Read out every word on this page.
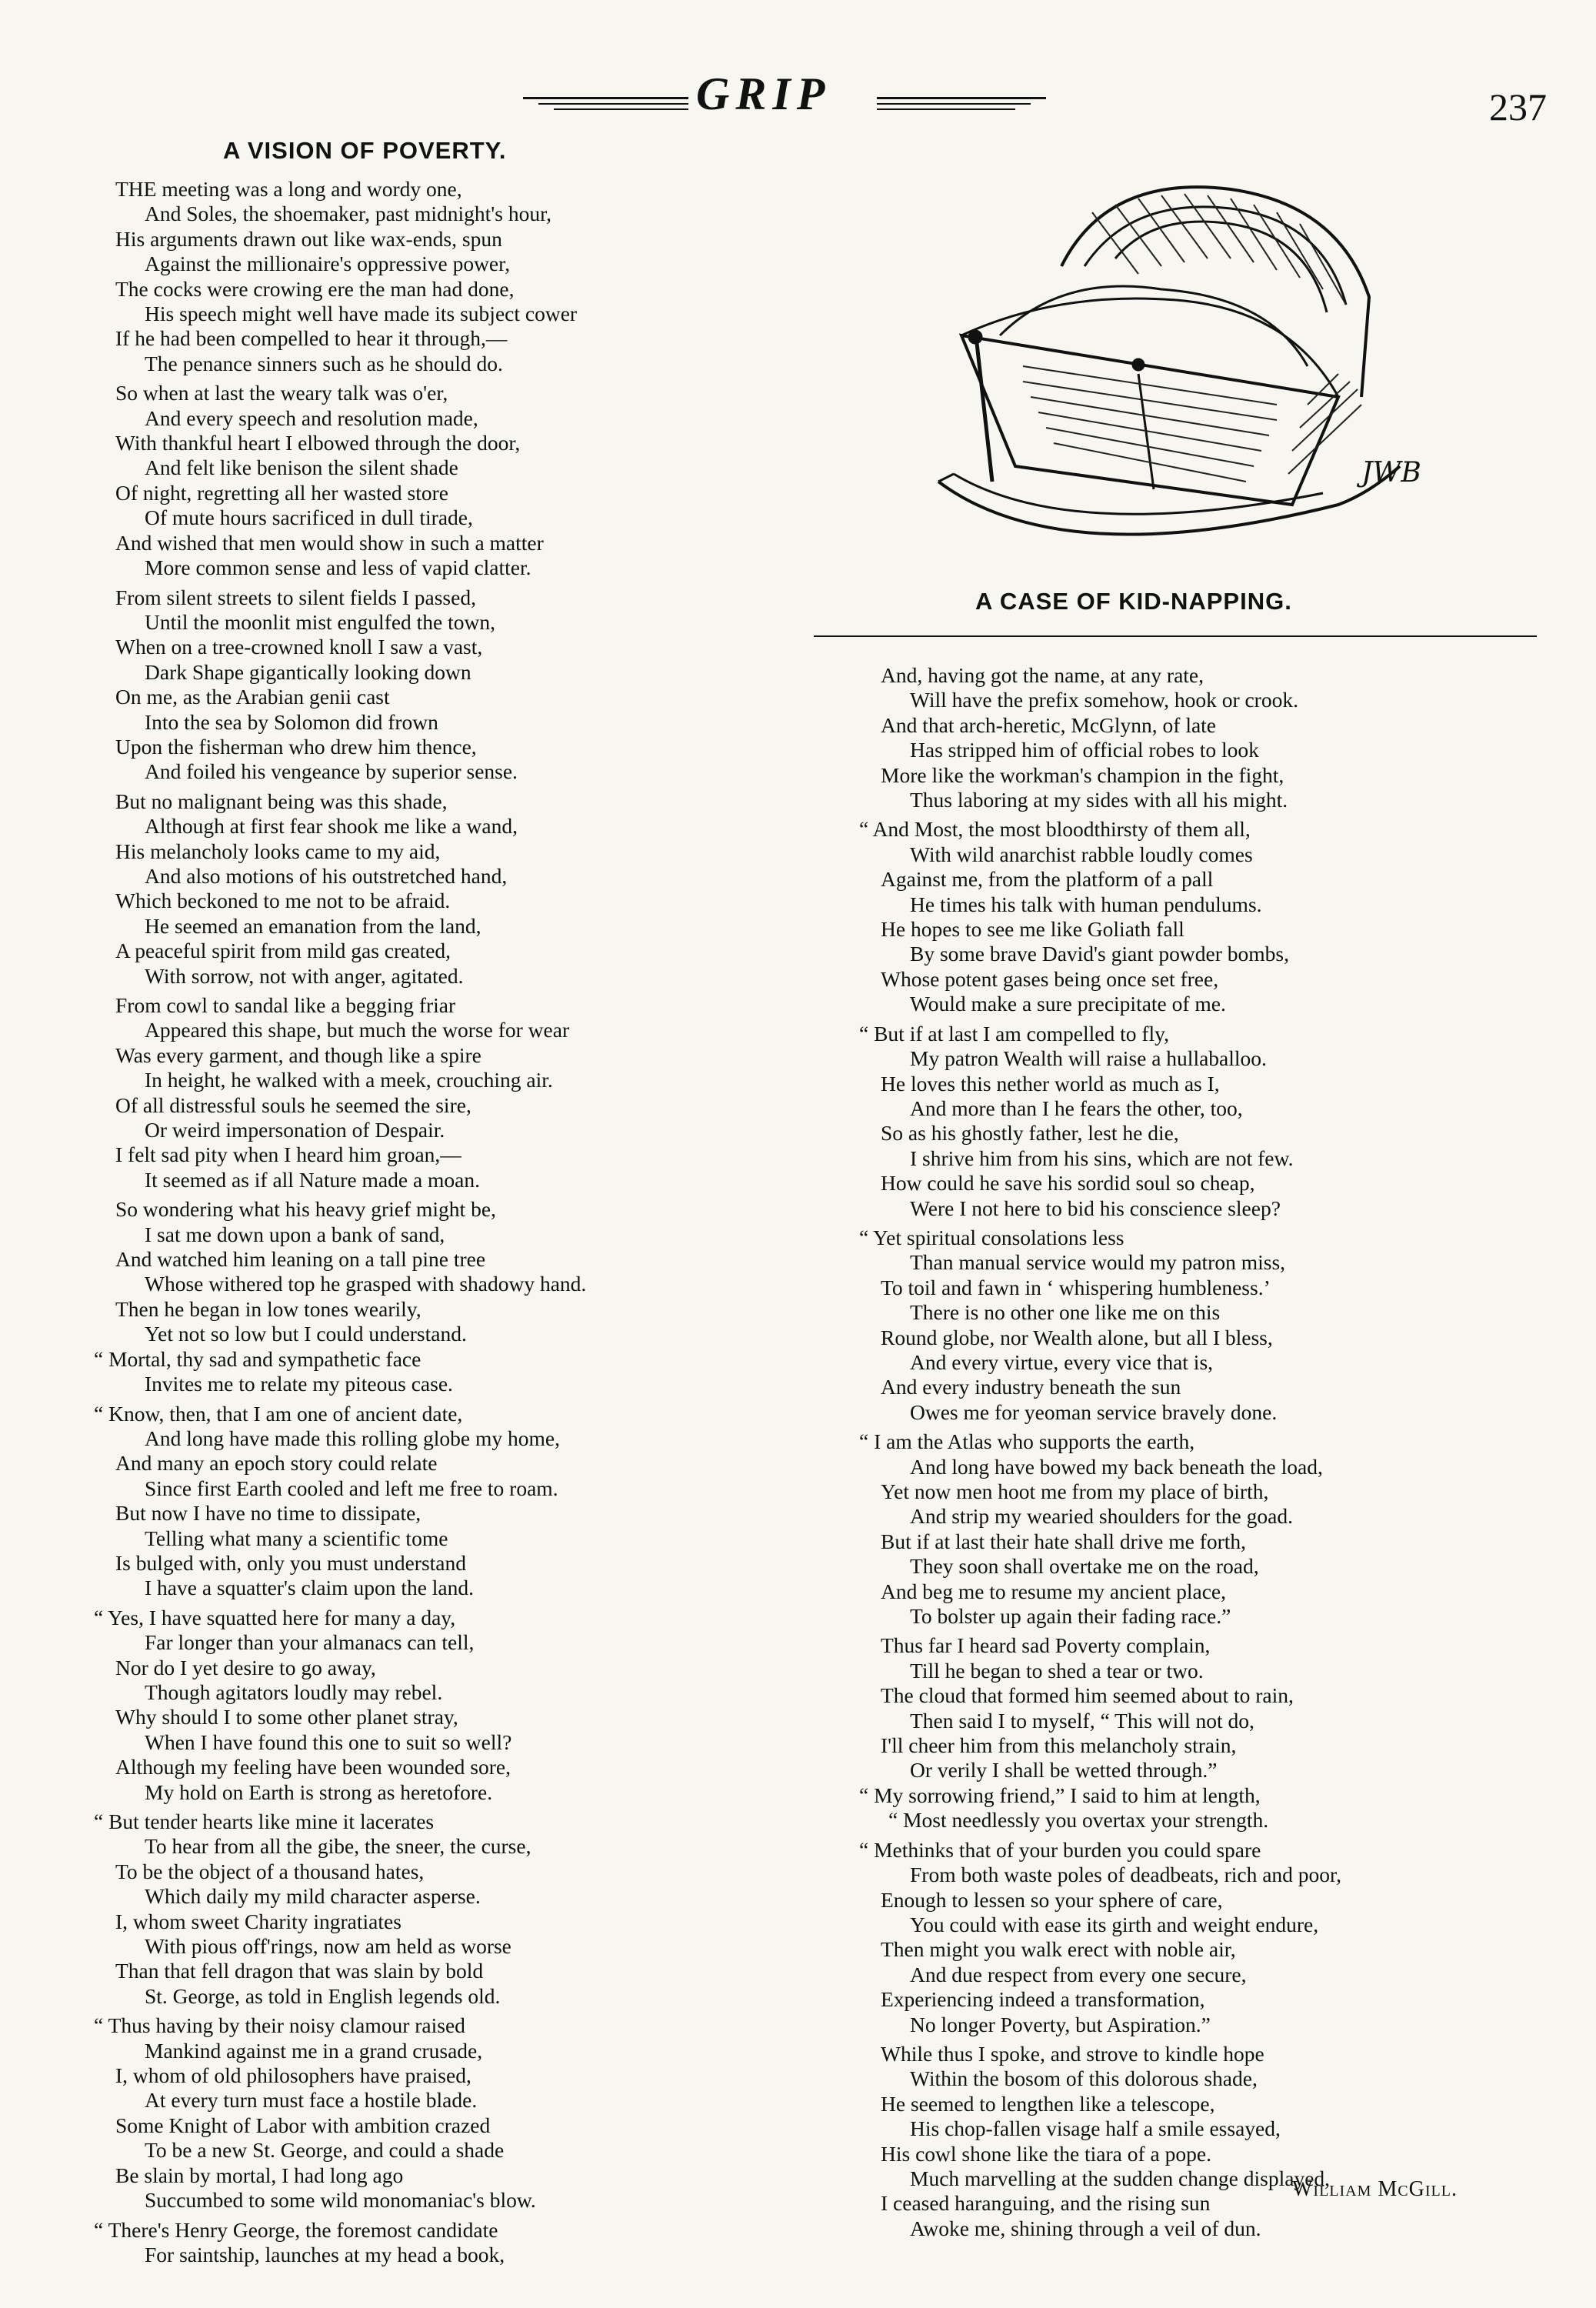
GRIP	237
A VISION OF POVERTY.
THE meeting was a long and wordy one,
And Soles, the shoemaker, past midnight's hour,
His arguments drawn out like wax-ends, spun
Against the millionaire's oppressive power,
The cocks were crowing ere the man had done,
His speech might well have made its subject cower
If he had been compelled to hear it through,—
The penance sinners such as he should do.
So when at last the weary talk was o'er,
And every speech and resolution made,
With thankful heart I elbowed through the door,
And felt like benison the silent shade
Of night, regretting all her wasted store
Of mute hours sacrificed in dull tirade,
And wished that men would show in such a matter
More common sense and less of vapid clatter.
From silent streets to silent fields I passed,
Until the moonlit mist engulfed the town,
When on a tree-crowned knoll I saw a vast,
Dark Shape gigantically looking down
On me, as the Arabian genii cast
Into the sea by Solomon did frown
Upon the fisherman who drew him thence,
And foiled his vengeance by superior sense.
But no malignant being was this shade,
Although at first fear shook me like a wand,
His melancholy looks came to my aid,
And also motions of his outstretched hand,
Which beckoned to me not to be afraid.
He seemed an emanation from the land,
A peaceful spirit from mild gas created,
With sorrow, not with anger, agitated.
From cowl to sandal like a begging friar
Appeared this shape, but much the worse for wear
Was every garment, and though like a spire
In height, he walked with a meek, crouching air.
Of all distressful souls he seemed the sire,
Or weird impersonation of Despair.
I felt sad pity when I heard him groan,—
It seemed as if all Nature made a moan.
So wondering what his heavy grief might be,
I sat me down upon a bank of sand,
And watched him leaning on a tall pine tree
Whose withered top he grasped with shadowy hand.
Then he began in low tones wearily,
Yet not so low but I could understand.
“ Mortal, thy sad and sympathetic face
Invites me to relate my piteous case.
“ Know, then, that I am one of ancient date,
And long have made this rolling globe my home,
And many an epoch story could relate
Since first Earth cooled and left me free to roam.
But now I have no time to dissipate,
Telling what many a scientific tome
Is bulged with, only you must understand
I have a squatter's claim upon the land.
“ Yes, I have squatted here for many a day,
Far longer than your almanacs can tell,
Nor do I yet desire to go away,
Though agitators loudly may rebel.
Why should I to some other planet stray,
When I have found this one to suit so well?
Although my feeling have been wounded sore,
My hold on Earth is strong as heretofore.
“ But tender hearts like mine it lacerates
To hear from all the gibe, the sneer, the curse,
To be the object of a thousand hates,
Which daily my mild character asperse.
I, whom sweet Charity ingratiates
With pious off'rings, now am held as worse
Than that fell dragon that was slain by bold
St. George, as told in English legends old.
“ Thus having by their noisy clamour raised
Mankind against me in a grand crusade,
I, whom of old philosophers have praised,
At every turn must face a hostile blade.
Some Knight of Labor with ambition crazed
To be a new St. George, and could a shade
Be slain by mortal, I had long ago
Succumbed to some wild monomaniac's blow.
“ There's Henry George, the foremost candidate
For saintship, launches at my head a book,
JWB
A CASE OF KID-NAPPING.
And, having got the name, at any rate,
Will have the prefix somehow, hook or crook.
And that arch-heretic, McGlynn, of late
Has stripped him of official robes to look
More like the workman's champion in the fight,
Thus laboring at my sides with all his might.
“ And Most, the most bloodthirsty of them all,
With wild anarchist rabble loudly comes
Against me, from the platform of a pall
He times his talk with human pendulums.
He hopes to see me like Goliath fall
By some brave David's giant powder bombs,
Whose potent gases being once set free,
Would make a sure precipitate of me.
“ But if at last I am compelled to fly,
My patron Wealth will raise a hullaballoo.
He loves this nether world as much as I,
And more than I he fears the other, too,
So as his ghostly father, lest he die,
I shrive him from his sins, which are not few.
How could he save his sordid soul so cheap,
Were I not here to bid his conscience sleep?
“ Yet spiritual consolations less
Than manual service would my patron miss,
To toil and fawn in ‘ whispering humbleness.’
There is no other one like me on this
Round globe, nor Wealth alone, but all I bless,
And every virtue, every vice that is,
And every industry beneath the sun
Owes me for yeoman service bravely done.
“ I am the Atlas who supports the earth,
And long have bowed my back beneath the load,
Yet now men hoot me from my place of birth,
And strip my wearied shoulders for the goad.
But if at last their hate shall drive me forth,
They soon shall overtake me on the road,
And beg me to resume my ancient place,
To bolster up again their fading race.”
Thus far I heard sad Poverty complain,
Till he began to shed a tear or two.
The cloud that formed him seemed about to rain,
Then said I to myself, “ This will not do,
I'll cheer him from this melancholy strain,
Or verily I shall be wetted through.”
“ My sorrowing friend,” I said to him at length,
“ Most needlessly you overtax your strength.
“ Methinks that of your burden you could spare
From both waste poles of deadbeats, rich and poor,
Enough to lessen so your sphere of care,
You could with ease its girth and weight endure,
Then might you walk erect with noble air,
And due respect from every one secure,
Experiencing indeed a transformation,
No longer Poverty, but Aspiration.”
While thus I spoke, and strove to kindle hope
Within the bosom of this dolorous shade,
He seemed to lengthen like a telescope,
His chop-fallen visage half a smile essayed,
His cowl shone like the tiara of a pope.
Much marvelling at the sudden change displayed,
I ceased haranguing, and the rising sun
Awoke me, shining through a veil of dun.
William McGill.
